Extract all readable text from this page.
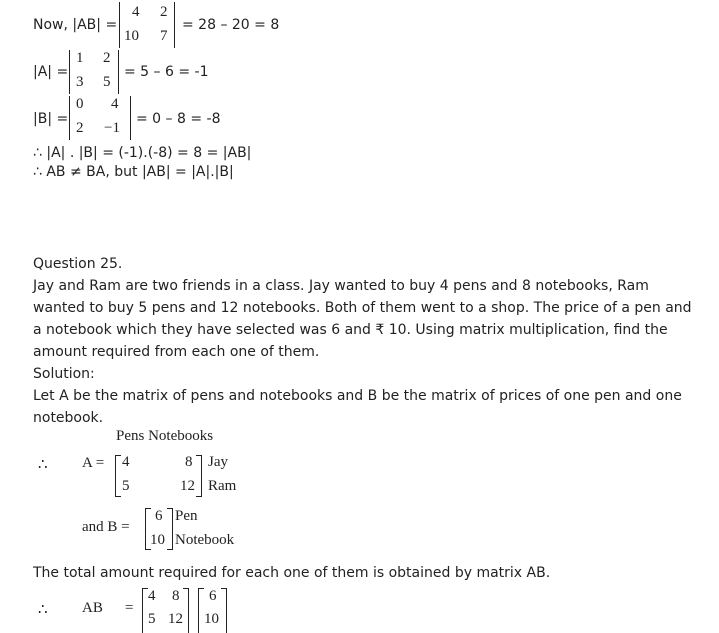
Now, |AB| =
4 2
10 7
= 28 – 20 = 8
|A| =
1 2
3 5
= 5 – 6 = -1
|B| =
0 4
2 −1
= 0 – 8 = -8
∴ |A| . |B| = (-1).(-8) = 8 = |AB|
∴ AB ≠ BA, but |AB| = |A|.|B|
Question 25.
Jay and Ram are two friends in a class. Jay wanted to buy 4 pens and 8 notebooks, Ram wanted to buy 5 pens and 12 notebooks. Both of them went to a shop. The price of a pen and a notebook which they have selected was 6 and ₹ 10. Using matrix multiplication, find the amount required from each one of them.
Solution:
Let A be the matrix of pens and notebooks and B be the matrix of prices of one pen and one notebook.
Pens Notebooks
∴ A = 4	8
5	12
Jay
Ram
and B =
6
10
Pen
Notebook
The total amount required for each one of them is obtained by matrix AB.
∴ AB =
4 8
5 12
6
10
